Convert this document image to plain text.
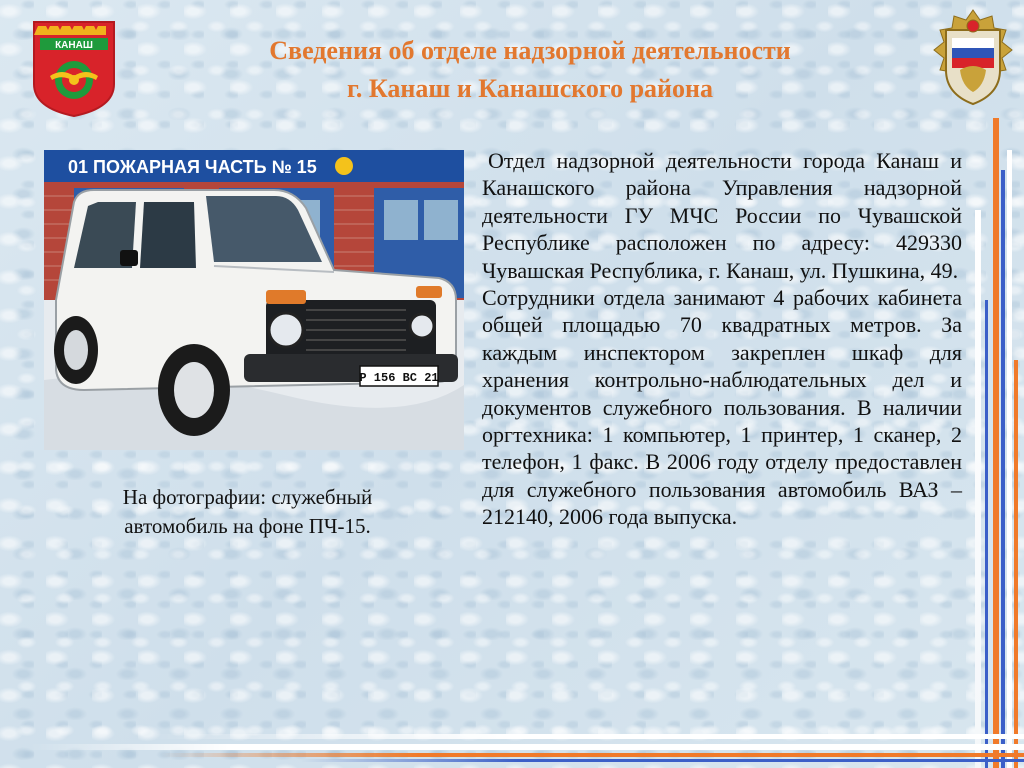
КАНАШ	Сведения об отделе надзорной деятельности
г. Канаш и Канашского района
01 ПОЖАРНАЯ ЧАСТЬ № 15
Р 156 ВС 21
На фотографии: служебный
автомобиль на фоне ПЧ-15.

Отдел надзорной деятельности города Канаш и Канашского района Управления надзорной деятельности ГУ МЧС России по Чувашской Республике расположен по адресу: 429330 Чувашская Республика, г. Канаш, ул. Пушкина, 49.

Сотрудники отдела занимают 4 рабочих кабинета общей площадью 70 квадратных метров. За каждым инспектором закреплен шкаф для хранения контрольно-наблюдательных дел и документов служебного пользования. В наличии оргтехника: 1 компьютер, 1 принтер, 1 сканер, 2 телефон, 1 факс. В 2006 году отделу предоставлен для служебного пользования автомобиль ВАЗ – 212140, 2006 года выпуска.
